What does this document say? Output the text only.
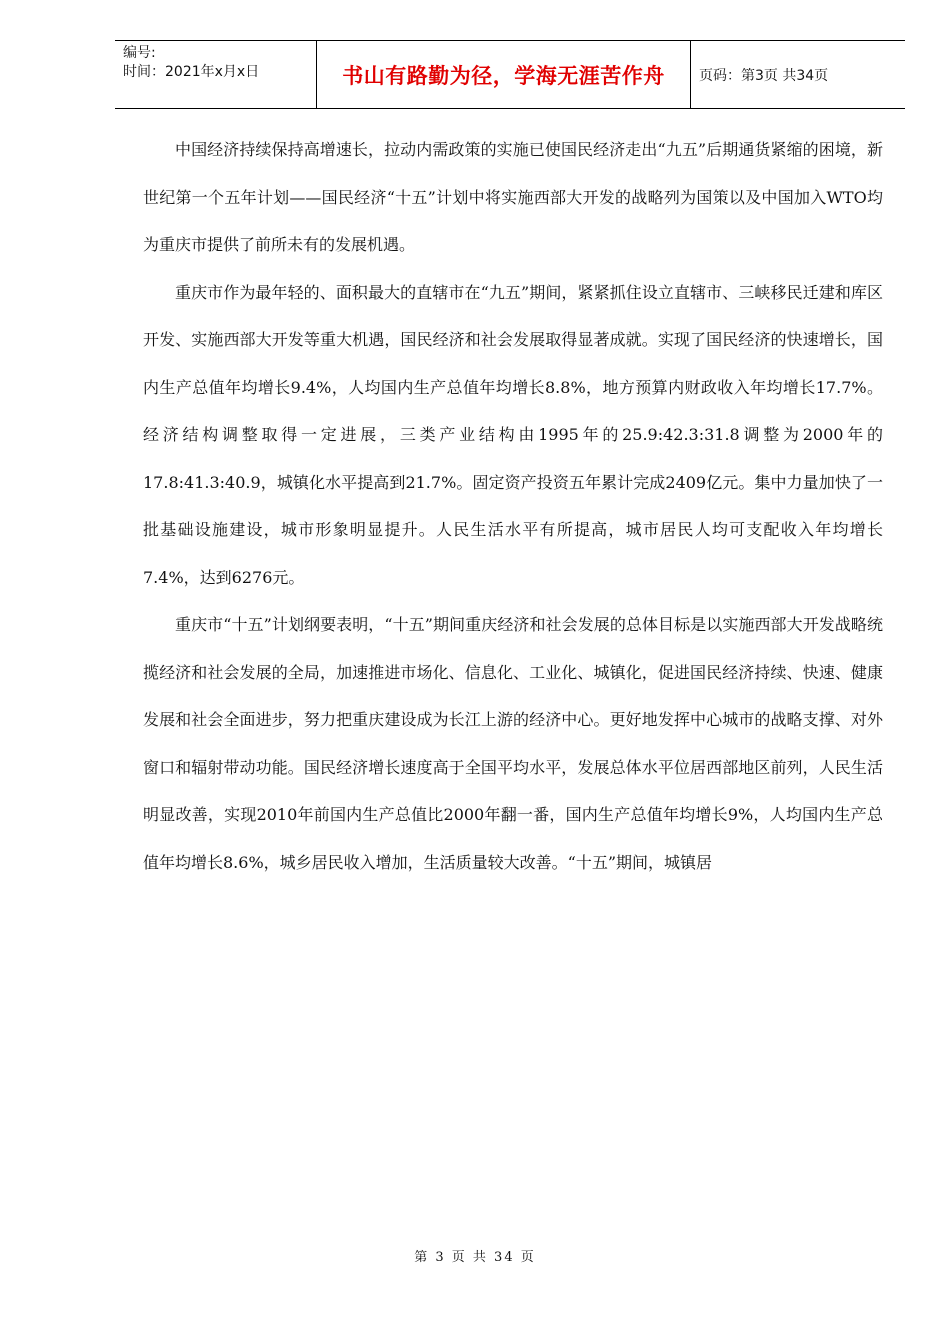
编号:
时间：2021年x月x日	书山有路勤为径，学海无涯苦作舟	页码：第3页 共34页

中国经济持续保持高增速长，拉动内需政策的实施已使国民经济走出“九五”后期通货紧缩的困境，新世纪第一个五年计划——国民经济“十五”计划中将实施西部大开发的战略列为国策以及中国加入WTO均为重庆市提供了前所未有的发展机遇。

重庆市作为最年轻的、面积最大的直辖市在“九五”期间，紧紧抓住设立直辖市、三峡移民迁建和库区开发、实施西部大开发等重大机遇，国民经济和社会发展取得显著成就。实现了国民经济的快速增长，国内生产总值年均增长9.4%，人均国内生产总值年均增长8.8%，地方预算内财政收入年均增长17.7%。经济结构调整取得一定进展，三类产业结构由1995年的25.9:42.3:31.8调整为2000年的17.8:41.3:40.9，城镇化水平提高到21.7%。固定资产投资五年累计完成2409亿元。集中力量加快了一批基础设施建设，城市形象明显提升。人民生活水平有所提高，城市居民人均可支配收入年均增长7.4%，达到6276元。

重庆市“十五”计划纲要表明，“十五”期间重庆经济和社会发展的总体目标是以实施西部大开发战略统揽经济和社会发展的全局，加速推进市场化、信息化、工业化、城镇化，促进国民经济持续、快速、健康发展和社会全面进步，努力把重庆建设成为长江上游的经济中心。更好地发挥中心城市的战略支撑、对外窗口和辐射带动功能。国民经济增长速度高于全国平均水平，发展总体水平位居西部地区前列，人民生活明显改善，实现2010年前国内生产总值比2000年翻一番，国内生产总值年均增长9%，人均国内生产总值年均增长8.6%，城乡居民收入增加，生活质量较大改善。“十五”期间，城镇居

第 3 页 共 34 页
